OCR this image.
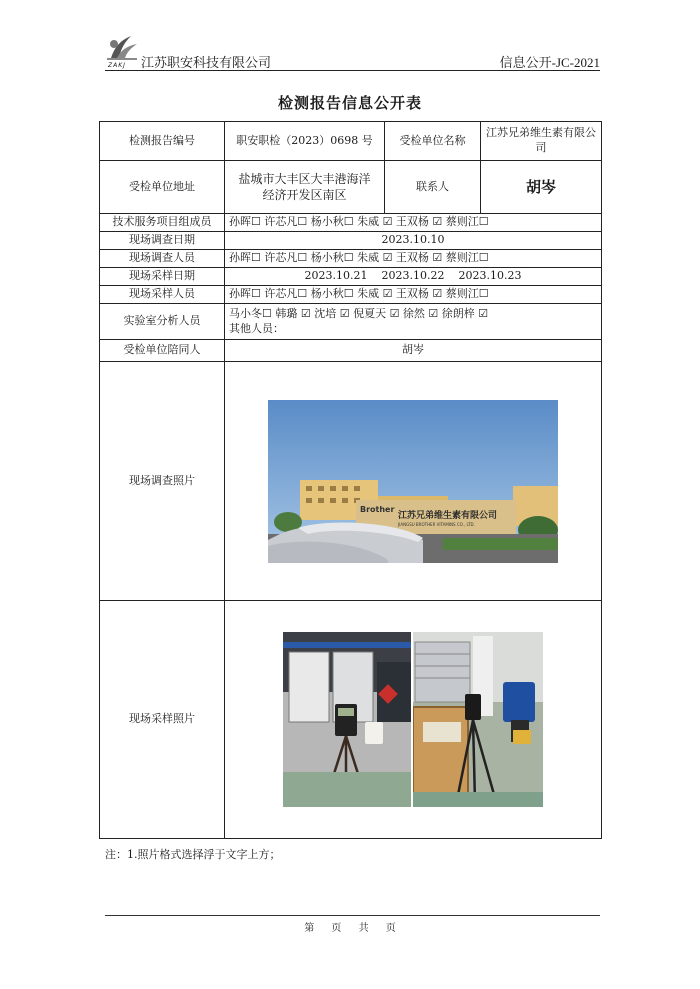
ZAKJ 江苏职安科技有限公司	信息公开-JC-2021
检测报告信息公开表
检测报告编号	职安职检（2023）0698 号	受检单位名称	江苏兄弟维生素有限公司
受检单位地址	盐城市大丰区大丰港海洋经济开发区南区	联系人	胡岑
技术服务项目组成员	孙晖☐ 许芯凡☐ 杨小秋☐ 朱威 ☑ 王双杨 ☑ 蔡则江☐		
现场调查日期	2023.10.10		
现场调查人员	孙晖☐ 许芯凡☐ 杨小秋☐ 朱威 ☑ 王双杨 ☑ 蔡则江☐		
现场采样日期	2023.10.21    2023.10.22    2023.10.23		
现场采样人员	孙晖☐ 许芯凡☐ 杨小秋☐ 朱威 ☑ 王双杨 ☑ 蔡则江☐		
实验室分析人员	马小冬☐ 韩璐 ☑ 沈培 ☑ 倪夏天 ☑ 徐然 ☑ 徐朗梓 ☑
其他人员：		

受检单位陪同人	胡岑		
现场调查照片	Brother
江苏兄弟维生素有限公司
JIANGSU BROTHER VITAMINS CO., LTD.		

现场采样照片	
注：1.照片格式选择浮于文字上方；
第 页 共 页
